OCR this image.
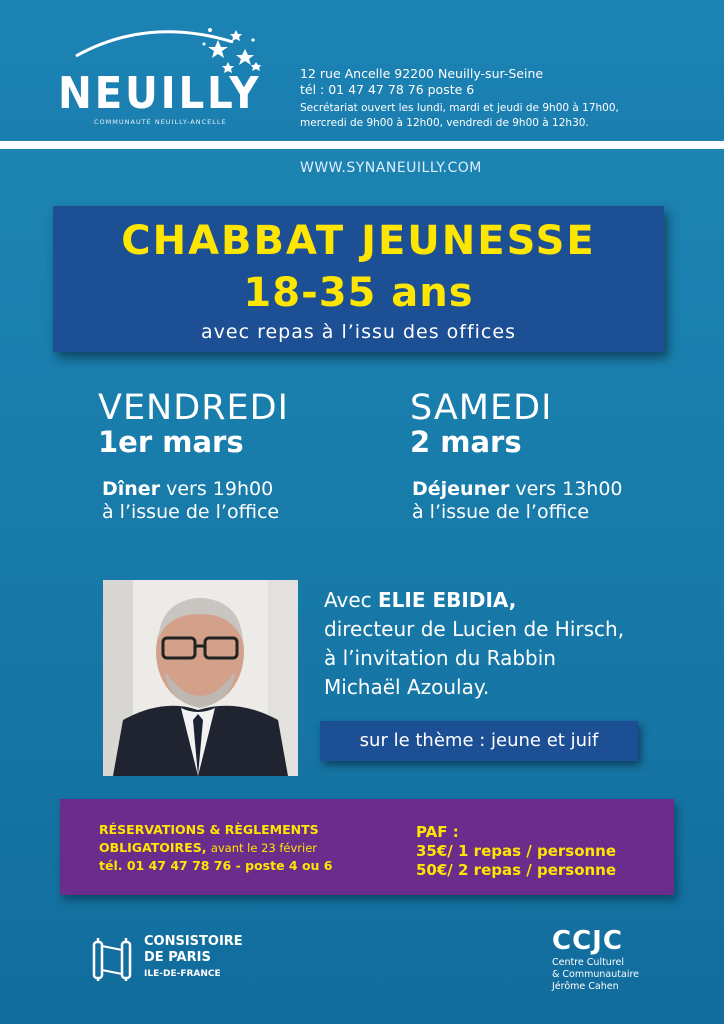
NEUILLY
COMMUNAUTÉ NEUILLY-ANCELLE
12 rue Ancelle 92200 Neuilly-sur-Seine
tél : 01 47 47 78 76 poste 6
Secrétariat ouvert les lundi, mardi et jeudi de 9h00 à 17h00,
mercredi de 9h00 à 12h00, vendredi de 9h00 à 12h30.
WWW.SYNANEUILLY.COM
CHABBAT JEUNESSE
18-35 ans
avec repas à l’issu des offices
VENDREDI
1er mars
Dîner vers 19h00
à l’issue de l’office
SAMEDI
2 mars
Déjeuner vers 13h00
à l’issue de l’office
Avec ELIE EBIDIA,
directeur de Lucien de Hirsch,
à l’invitation du Rabbin
Michaël Azoulay.
sur le thème : jeune et juif
RÉSERVATIONS & RÈGLEMENTS
OBLIGATOIRES, avant le 23 février
tél. 01 47 47 78 76 - poste 4 ou 6
PAF :
35€/ 1 repas / personne
50€/ 2 repas / personne
CONSISTOIRE
DE PARIS
ILE-DE-FRANCE
CCJC
Centre Culturel
& Communautaire
Jérôme Cahen
